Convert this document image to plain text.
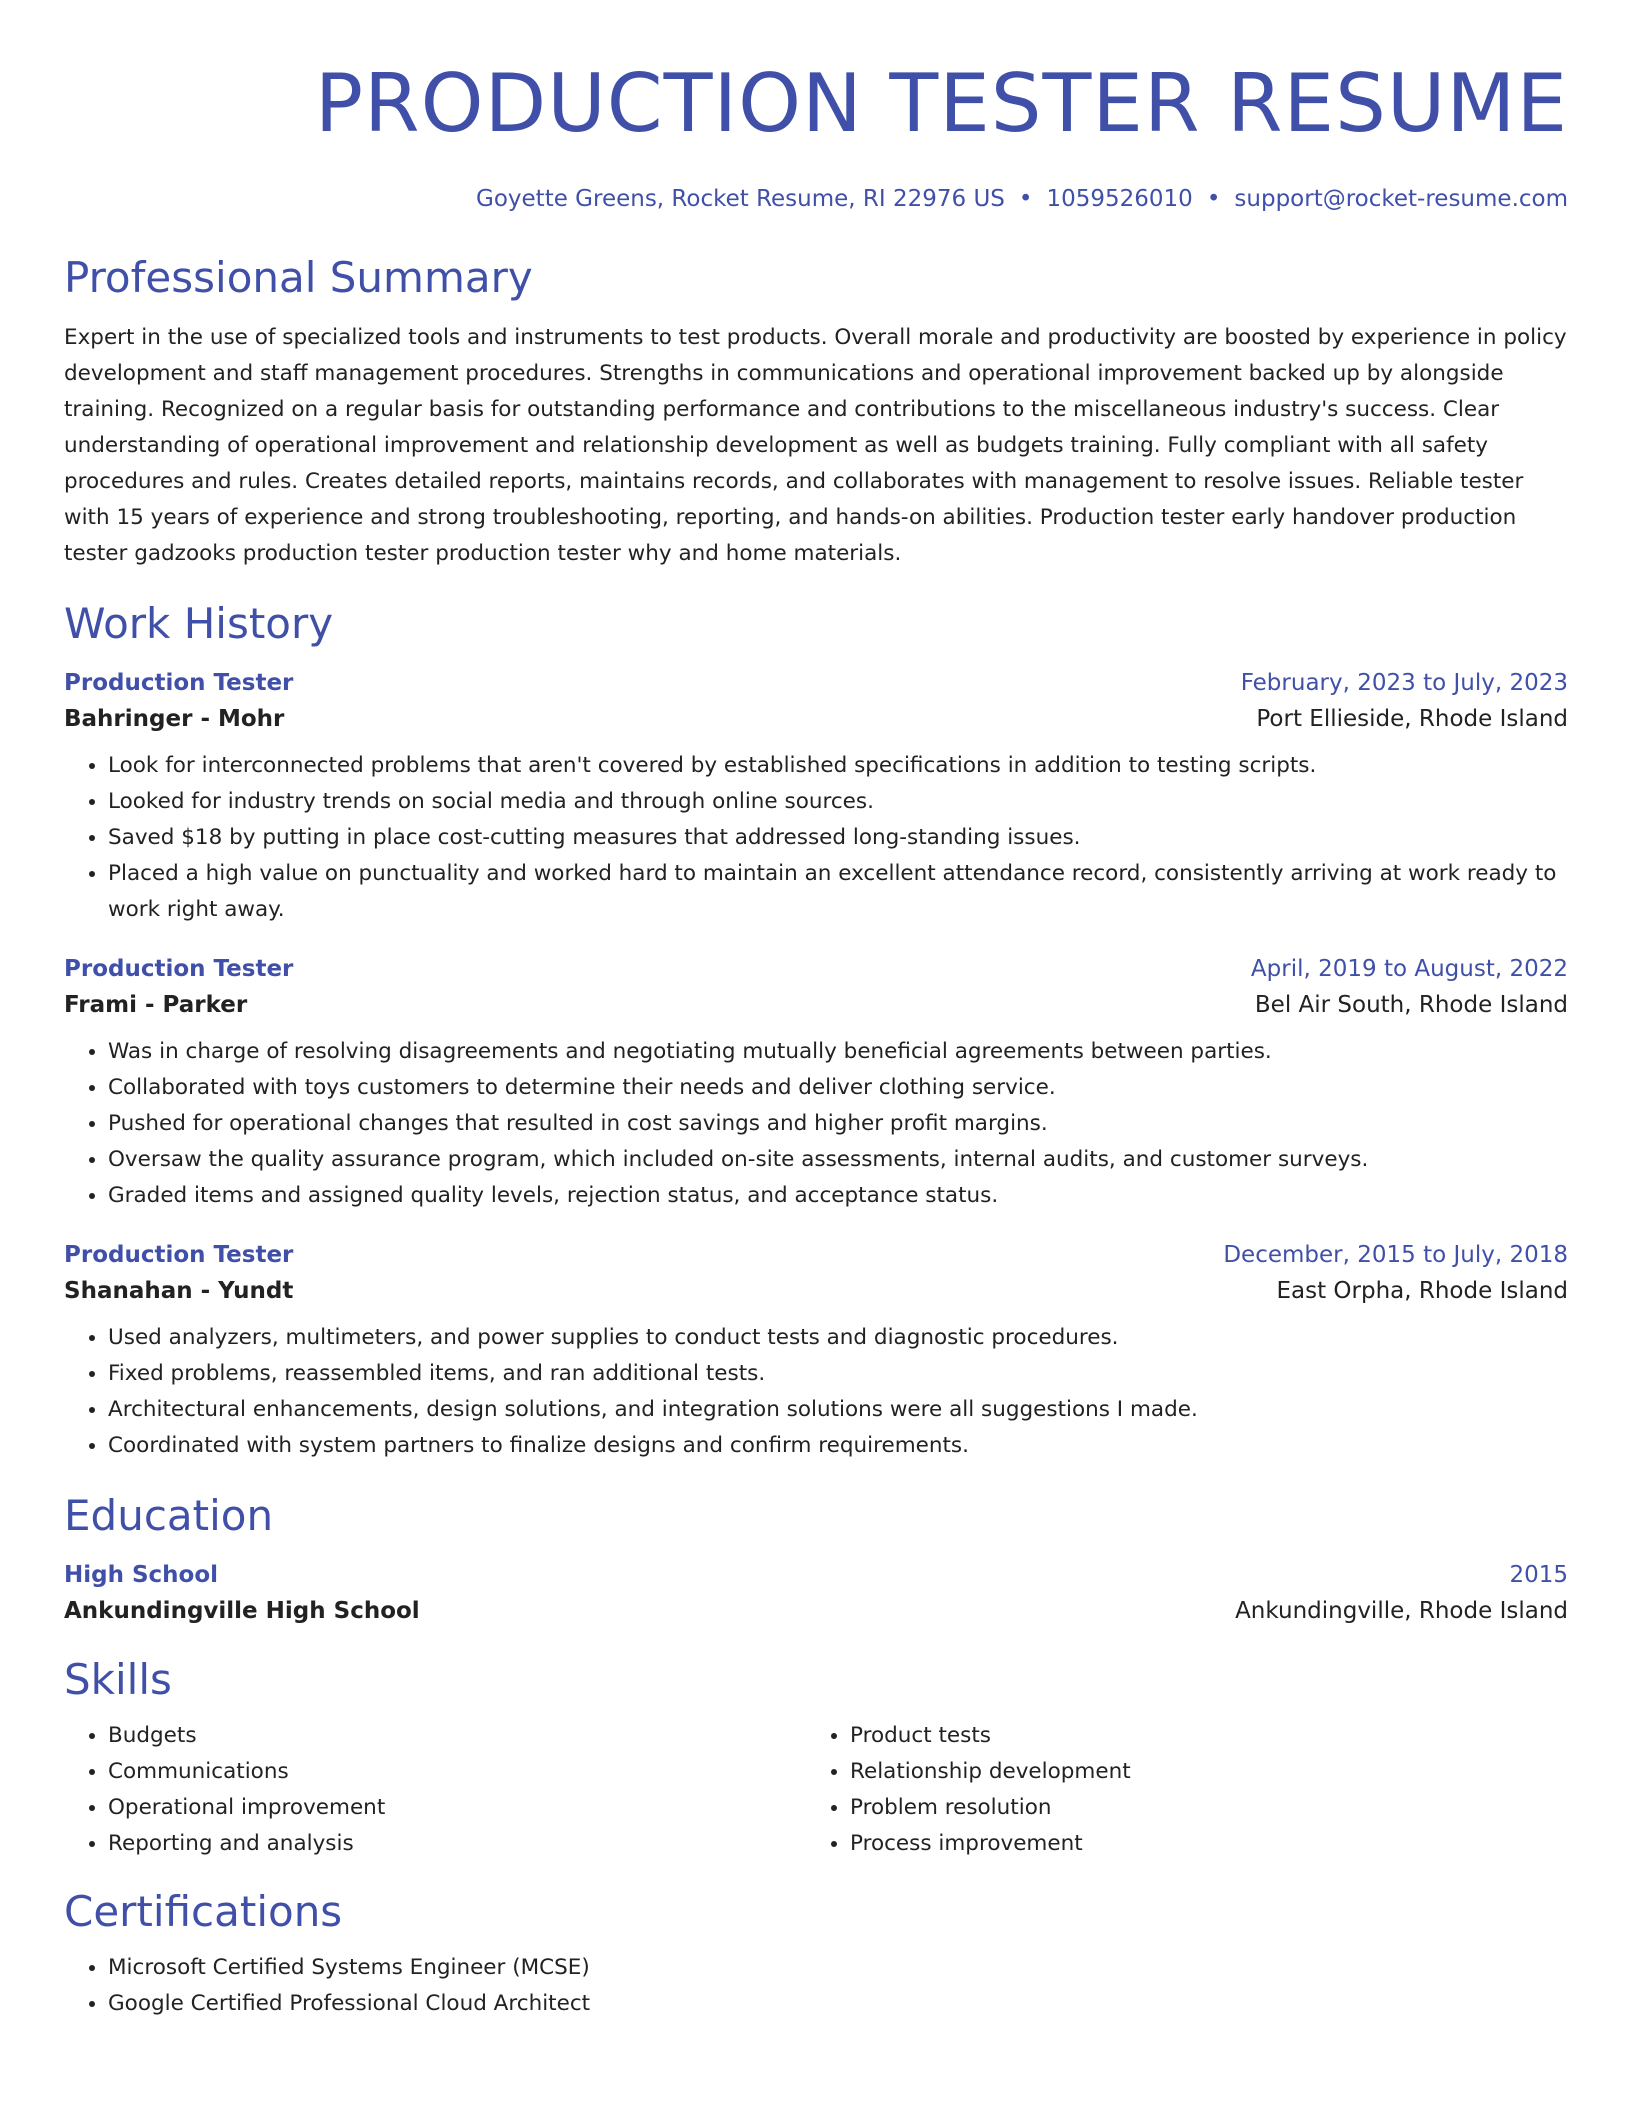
PRODUCTION TESTER RESUME
Goyette Greens, Rocket Resume, RI 22976 US • 1059526010 • support@rocket-resume.com
Professional Summary

Expert in the use of specialized tools and instruments to test products. Overall morale and productivity are boosted by experience in policy development and staff management procedures. Strengths in communications and operational improvement backed up by alongside training. Recognized on a regular basis for outstanding performance and contributions to the miscellaneous industry's success. Clear understanding of operational improvement and relationship development as well as budgets training. Fully compliant with all safety procedures and rules. Creates detailed reports, maintains records, and collaborates with management to resolve issues. Reliable tester with 15 years of experience and strong troubleshooting, reporting, and hands-on abilities. Production tester early handover production tester gadzooks production tester production tester why and home materials.

Work History
Production Tester	February, 2023 to July, 2023
Bahringer - Mohr	Port Ellieside, Rhode Island
• Look for interconnected problems that aren't covered by established specifications in addition to testing scripts.
• Looked for industry trends on social media and through online sources.
• Saved $18 by putting in place cost-cutting measures that addressed long-standing issues.
• Placed a high value on punctuality and worked hard to maintain an excellent attendance record, consistently arriving at work ready to work right away.
Production Tester	April, 2019 to August, 2022
Frami - Parker	Bel Air South, Rhode Island
• Was in charge of resolving disagreements and negotiating mutually beneficial agreements between parties.
• Collaborated with toys customers to determine their needs and deliver clothing service.
• Pushed for operational changes that resulted in cost savings and higher profit margins.
• Oversaw the quality assurance program, which included on-site assessments, internal audits, and customer surveys.
• Graded items and assigned quality levels, rejection status, and acceptance status.
Production Tester	December, 2015 to July, 2018
Shanahan - Yundt	East Orpha, Rhode Island
• Used analyzers, multimeters, and power supplies to conduct tests and diagnostic procedures.
• Fixed problems, reassembled items, and ran additional tests.
• Architectural enhancements, design solutions, and integration solutions were all suggestions I made.
• Coordinated with system partners to finalize designs and confirm requirements.
Education
High School	2015
Ankundingville High School	Ankundingville, Rhode Island
Skills
• Budgets
• Communications
• Operational improvement
• Reporting and analysis
• Product tests
• Relationship development
• Problem resolution
• Process improvement
Certifications
• Microsoft Certified Systems Engineer (MCSE)
• Google Certified Professional Cloud Architect
